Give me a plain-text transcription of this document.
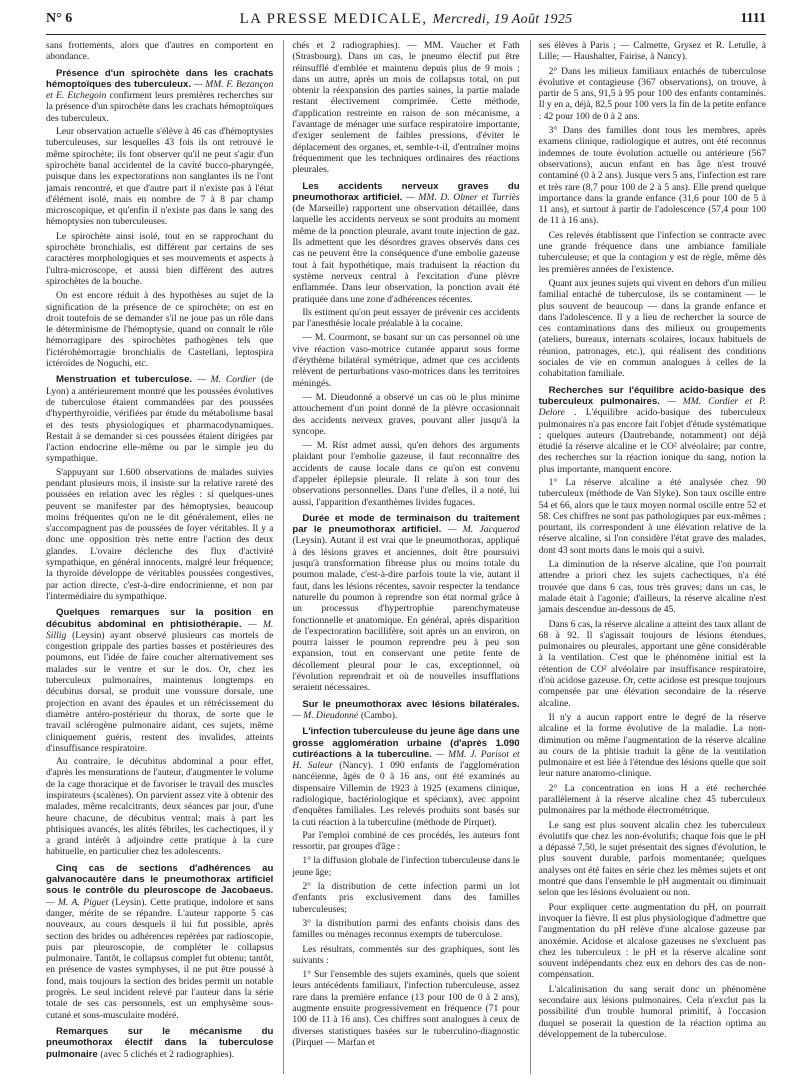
N° 6 	LA PRESSE MEDICALE, Mercredi, 19 Août 1925	1111

sans frottements, alors que d'autres en comportent en abondance.

Présence d'un spirochète dans les crachats hémoptoïques des tuberculeux. — MM. F. Bezançon et E. Etchegoin confirment leurs premières recherches sur la présence d'un spirochète dans les crachats hémoptoïques des tuberculeux.

Leur observation actuelle s'élève à 46 cas d'hémoptysies tuberculeuses, sur lesquelles 43 fois ils ont retrouvé le même spirochète; ils font observer qu'il ne peut s'agir d'un spirochète banal accidentel de la cavité bucco-pharyngée, puisque dans les expectorations non sanglantes ils ne l'ont jamais rencontré, et que d'autre part il n'existe pas à l'état d'élément isolé, mais en nombre de 7 à 8 par champ microscopique, et qu'enfin il n'existe pas dans le sang des hémoptysies non tuberculeuses.

Le spirochète ainsi isolé, tout en se rapprochant du spirochète bronchialis, est différent par certains de ses caractères morphologiques et ses mouvements et aspects à l'ultra-microscope, et aussi bien différent des autres spirochètes de la bouche.

On est encore réduit à des hypothèses au sujet de la signification de la présence de ce spirochète; on est en droit toutefois de se demander s'il ne joue pas un rôle dans le déterminisme de l'hémoptysie, quand on connaît le rôle hémorragipare des spirochètes pathogènes tels que l'ictérohémorragie bronchialis de Castellani, leptospira ictéroïdes de Noguchi, etc.

Menstruation et tuberculose. — M. Cordier (de Lyon) a antérieurement montré que les poussées évolutives de tuberculose étaient commandées par des poussées d'hyperthyroïdie, vérifiées par étude du métabolisme basal et des tests physiologiques et pharmacodynamiques. Restait à se demander si ces poussées étaient dirigées par l'action endocrine elle-même ou par le simple jeu du sympathique.

S'appuyant sur 1.600 observations de malades suivies pendant plusieurs mois, il insiste sur la relative rareté des poussées en relation avec les règles : si quelques-unes peuvent se manifester par des hémoptysies, beaucoup moins fréquentes qu'on ne le dit généralement, elles ne s'accompagnent pas de poussées de foyer véritables. Il y a donc une opposition très nette entre l'action des deux glandes. L'ovaire déclenche des flux d'activité sympathique, en général innocents, malgré leur fréquence; la thyroïde développe de véritables poussées congestives, par action directe, c'est-à-dire endocrinienne, et non par l'intermédiaire du sympathique.

Quelques remarques sur la position en décubitus abdominal en phtisiothérapie. — M. Sillig (Leysin) ayant observé plusieurs cas mortels de congestion grippale des parties basses et postérieures des poumons, eut l'idée de faire coucher alternativement ses malades sur le ventre et sur le dos. Or, chez les tuberculeux pulmonaires, maintenus longtemps en décubitus dorsal, se produit une voussure dorsale, une projection en avant des épaules et un rétrécissement du diamètre antéro-postérieur du thorax, de sorte que le travail sclérogène pulmonaire aidant, ces sujets, même cliniquement guéris, restent des invalides, atteints d'insuffisance respiratoire.

Au contraire, le décubitus abdominal a pour effet, d'après les mensurations de l'auteur, d'augmenter le volume de la cage thoracique et de favoriser le travail des muscles inspirateurs (scalènes). On parvient assez vite à obtenir des malades, même recalcitrants, deux séances par jour, d'une heure chacune, de décubitus ventral; mais à part les phtisiques avancés, les alités fébriles, les cachectiques, il y a grand intérêt à adjoindre cette pratique à la cure habituelle, en particulier chez les adolescents.

Cinq cas de sections d'adhérences au galvanocautère dans le pneumothorax artificiel sous le contrôle du pleuroscope de Jacobaeus. — M. A. Piguet (Leysin). Cette pratique, indolore et sans danger, mérite de se répandre. L'auteur rapporte 5 cas nouveaux, au cours desquels il lui fut possible, après section des brides ou adhérences repérées par radioscopie, puis par pleuroscopie, de compléter le collapsus pulmonaire. Tantôt, le collapsus complet fut obtenu; tantôt, en présence de vastes symphyses, il ne put être poussé à fond, mais toujours la section des brides permit un notable progrès. Le seul incident relevé par l'auteur dans la série totale de ses cas personnels, est un emphysème sous-cutané et sous-musculaire modéré.
Remarques sur le mécanisme du pneumothorax électif dans la tuberculose pulmonaire (avec 5 clichés et 2 radiographies).

chés et 2 radiographies). — MM. Vaucher et Fath (Strasbourg). Dans un cas, le pneumo électif put être réinsufflé d'emblée et maintenu depuis plus de 9 mois ; dans un autre, après un mois de collapsus total, on put obtenir la réexpansion des parties saines, la partie malade restant électivement comprimée. Cette méthode, d'application restreinte en raison de son mécanisme, a l'avantage de ménager une surface respiratoire importante, d'exiger seulement de faibles pressions, d'éviter le déplacement des organes, et, semble-t-il, d'entraîner moins fréquemment que les techniques ordinaires des réactions pleurales.

Les accidents nerveux graves du pneumothorax artificiel. — MM. D. Olmer et Turriès (de Marseille) rapportent une observation détaillée, dans laquelle les accidents nerveux se sont produits au moment même de la ponction pleurale, avant toute injection de gaz. Ils admettent que les désordres graves observés dans ces cas ne peuvent être la conséquence d'une embolie gazeuse tout à fait hypothétique, mais traduisent la réaction du système nerveux central à l'excitation d'une plèvre enflammée. Dans leur observation, la ponction avait été pratiquée dans une zone d'adhérences récentes.

Ils estiment qu'on peut essayer de prévenir ces accidents par l'anesthésie locale préalable à la cocaïne.

— M. Courmont, se basant sur un cas personnel où une vive réaction vaso-motrice cutanée apparut sous forme d'érythème bilatéral symétrique, admet que ces accidents relèvent de perturbations vaso-motrices dans les territoires méningés.

— M. Dieudonné a observé un cas où le plus minime attouchement d'un point donné de la plèvre occasionnait des accidents nerveux graves, pouvant aller jusqu'à la syncope.

— M. Rist admet aussi, qu'en dehors des arguments plaidant pour l'embolie gazeuse, il faut reconnaître des accidents de cause locale dans ce qu'on est convenu d'appeler épilepsie pleurale. Il relate à son tour des observations personnelles. Dans l'une d'elles, il a noté, lui aussi, l'apparition d'exanthèmes livides fugaces.

Durée et mode de terminaison du traitement par le pneumothorax artificiel. — M. Jacquerod (Leysin). Autant il est vrai que le pneumothorax, appliqué à des lésions graves et anciennes, doit être poursuivi jusqu'à transformation fibreuse plus ou moins totale du poumon malade, c'est-à-dire parfois toute la vie, autant il faut, dans les lésions récentes, savoir respecter la tendance naturelle du poumon à reprendre son état normal grâce à un processus d'hypertrophie parenchymateuse fonctionnelle et anatomique. En général, après disparition de l'expectoration bacillifère, soit après un an environ, on pourra laisser le poumon reprendre peu à peu son expansion, tout en conservant une petite fente de décollement pleural pour le cas, exceptionnel, où l'évolution reprendrait et où de nouvelles insufflations seraient nécessaires.
Sur le pneumothorax avec lésions bilatérales. — M. Dieudonné (Cambo).
L'infection tuberculeuse du jeune âge dans une grosse agglomération urbaine (d'après 1.090 cutiréactions à la tuberculine. — MM. J. Parisot et H. Saleur (Nancy). 1 090 enfants de l'agglomération nancéienne, âgés de 0 à 16 ans, ont été examinés au dispensaire Villemin de 1923 à 1925 (examens clinique, radiologique, bactériologique et spéciaux), avec appoint d'enquêtes familiales. Les relevés produits sont basés sur la cuti réaction à la tuberculine (méthode de Pirquet).

Par l'emploi combiné de ces procédés, les auteurs font ressortir, par groupes d'âge :

1° la diffusion globale de l'infection tuberculeuse dans le jeune âge;

2° la distribution de cette infection parmi un lot d'enfants pris exclusivement dans des familles tuberculeuses;

3° la distribution parmi des enfants choisis dans des familles ou ménages reconnus exempts de tuberculose.

Les résultats, commentés sur des graphiques, sont les suivants :

1° Sur l'ensemble des sujets examinés, quels que soient leurs antécédents familiaux, l'infection tuberculeuse, assez rare dans la première enfance (13 pour 100 de 0 à 2 ans), augmente ensuite progressivement en fréquence (71 pour 100 de 11 à 16 ans). Ces chiffres sont analogues à ceux de diverses statistiques basées sur le tuberculino-diagnostic (Pirquet — Marfan et

ses élèves à Paris ; — Calmette, Grysez et R. Letulle, à Lille; — Haushalter, Fairise, à Nancy).

2° Dans les milieux familiaux entachés de tuberculose évolutive et contagieuse (367 observations), on trouve, à partir de 5 ans, 91,5 à 95 pour 100 des enfants contaminés. Il y en a, déjà, 82,5 pour 100 vers la fin de la petite enfance : 42 pour 100 de 0 à 2 ans.

3° Dans des familles dont tous les membres, après examens clinique, radiologique et autres, ont été reconnus indemnes de toute évolution actuelle ou antérieure (567 observations), aucun enfant en bas âge n'est trouvé contaminé (0 à 2 ans). Jusque vers 5 ans, l'infection est rare et très rare (8,7 pour 100 de 2 à 5 ans). Elle prend quelque importance dans la grande enfance (31,6 pour 100 de 5 à 11 ans), et surtout à partir de l'adolescence (57,4 pour 100 de 11 à 16 ans).

Ces relevés établissent que l'infection se contracte avec une grande fréquence dans une ambiance familiale tuberculeuse; et que la contagion y est de règle, même dès les premières années de l'existence.

Quant aux jeunes sujets qui vivent en dehors d'un milieu familial entaché de tuberculose, ils se contaminent — le plus souvent de beaucoup — dans la grande enfance et dans l'adolescence. Il y a lieu de rechercher la source de ces contaminations dans des milieux ou groupements (ateliers, bureaux, internats scolaires, locaux habituels de réunion, patronages, etc.), qui réalisent des conditions sociales de vie en commun analogues à celles de la cohabitation familiale.

Recherches sur l'équilibre acido-basique des tuberculeux pulmonaires. — MM. Cordier et P. Delore . L'équilibre acido-basique des tuberculeux pulmonaires n'a pas encore fait l'objet d'étude systématique ; quelques auteurs (Dautrebande, notamment) ont déjà étudié la réserve alcaline et le CO² alvéolaire; par contre, des recherches sur la réaction ionique du sang, notion la plus importante, manquent encore.

1° La réserve alcaline a été analysée chez 90 tuberculeux (méthode de Van Slyke). Son taux oscille entre 54 et 66, alors que le taux moyen normal oscille entre 52 et 58. Ces chiffres ne sont pas pathologiques par eux-mêmes ; pourtant, ils correspondent à une élévation relative de la réserve alcaline, si l'on considère l'état grave des malades, dont 43 sont morts dans le mois qui a suivi.

La diminution de la réserve alcaline, que l'on pourrait attendre a priori chez les sujets cachectiques, n'a été trouvée que dans 6 cas, tous très graves; dans un cas, le malade était à l'agonie; d'ailleurs, la réserve alcaline n'est jamais descendue au-dessous de 45.

Dans 6 cas, la réserve alcaline a atteint des taux allant de 68 à 92. Il s'agissait toujours de lésions étendues, pulmonaires ou pleurales, apportant une gêne considérable à la ventilation. C'est que le phénomène initial est la rétention de CO² alvéolaire par insuffisance respiratoire, d'où acidose gazeuse. Or, cette acidose est presque toujours compensée par une élévation secondaire de la réserve alcaline.

Il n'y a aucun rapport entre le degré de la réserve alcaline et la forme évolutive de la maladie. La non-diminution ou même l'augmentation de la réserve alcaline au cours de la phtisie traduit la gêne de la ventilation pulmonaire et est liée à l'étendue des lésions quelle que soit leur nature anatomo-clinique.

2° La concentration en ions H a été recherchée parallèlement à la réserve alcaline chez 45 tuberculeux pulmonaires par la méthode électrométrique.

Le sang est plus souvent alcalin chez les tuberculeux évolutifs que chez les non-évolutifs; chaque fois que le pH a dépassé 7,50, le sujet présentait des signes d'évolution, le plus souvent durable, parfois momentanée; quelques analyses ont été faites en série chez les mêmes sujets et ont montré que dans l'ensemble le pH augmentait ou diminuait selon que les lésions évoluaient ou non.

Pour expliquer cette augmentation du pH, on pourrait invoquer la fièvre. Il est plus physiologique d'admettre que l'augmentation du pH relève d'une alcalose gazeuse par anoxémie. Acidose et alcalose gazeuses ne s'excluent pas chez les tuberculeux : le pH et la réserve alcaline sont souvent indépendants chez eux en dehors des cas de non-compensation.

L'alcalinisation du sang serait donc un phénomène secondaire aux lésions pulmonaires. Cela n'exclut pas la possibilité d'un trouble humoral primitif, à l'occasion duquel se poserait la question de la réaction optima au développement de la tuberculose.
